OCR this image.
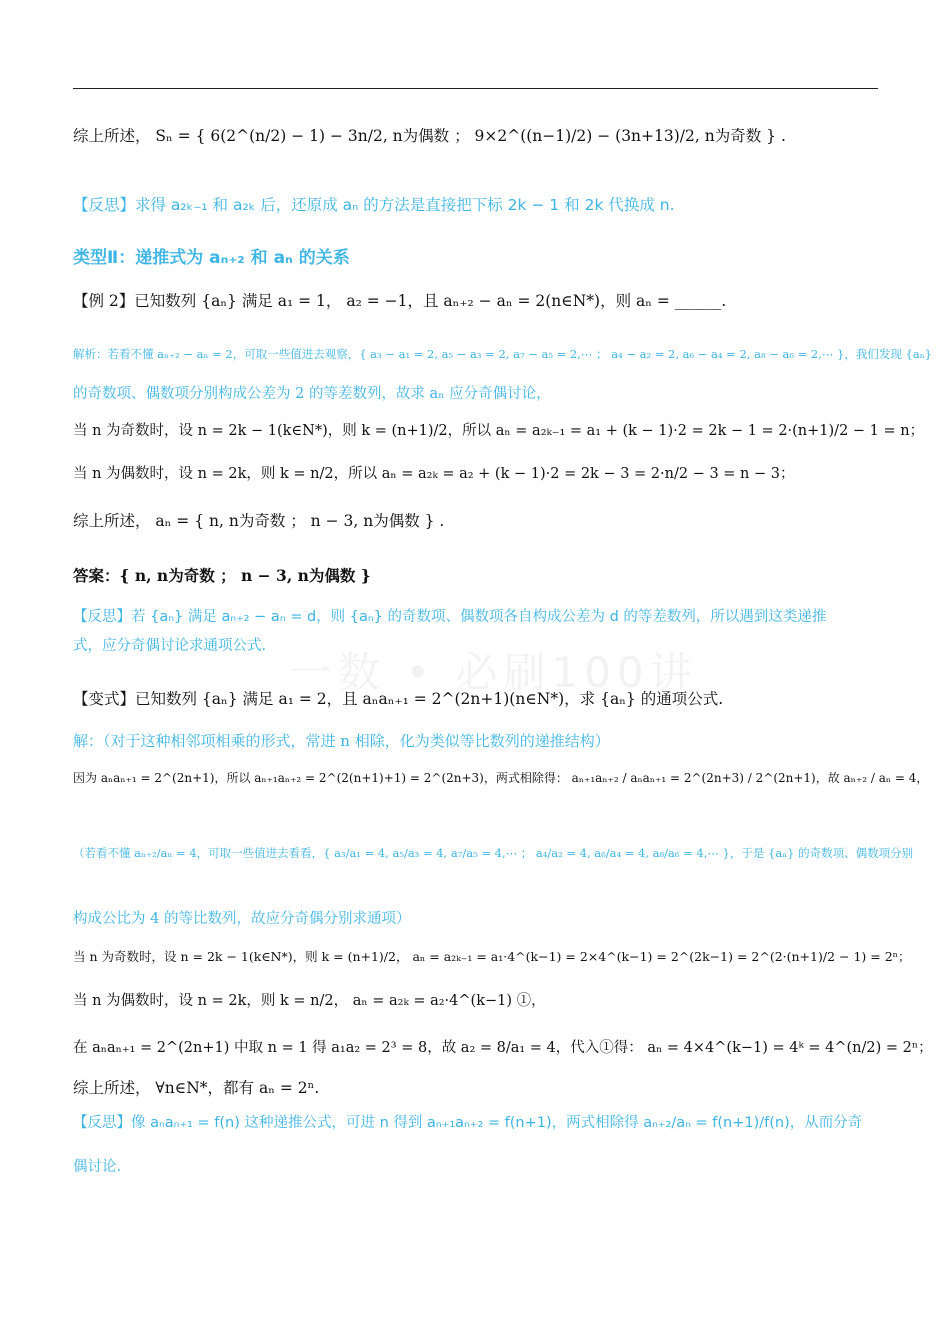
一数 • 必刷100讲
综上所述， Sₙ = { 6(2^(n/2) − 1) − 3n/2, n为偶数 ； 9×2^((n−1)/2) − (3n+13)/2, n为奇数 } .
【反思】求得 a₂ₖ₋₁ 和 a₂ₖ 后，还原成 aₙ 的方法是直接把下标 2k − 1 和 2k 代换成 n.
类型Ⅱ：递推式为 aₙ₊₂ 和 aₙ 的关系
【例 2】已知数列 {aₙ} 满足 a₁ = 1， a₂ = −1，且 aₙ₊₂ − aₙ = 2(n∈N*)，则 aₙ = ______.
解析：若看不懂 aₙ₊₂ − aₙ = 2，可取一些值进去观察，{ a₃ − a₁ = 2, a₅ − a₃ = 2, a₇ − a₅ = 2,⋯ ； a₄ − a₂ = 2, a₆ − a₄ = 2, a₈ − a₆ = 2,⋯ }，我们发现 {aₙ}
的奇数项、偶数项分别构成公差为 2 的等差数列，故求 aₙ 应分奇偶讨论，
当 n 为奇数时，设 n = 2k − 1(k∈N*)，则 k = (n+1)/2，所以 aₙ = a₂ₖ₋₁ = a₁ + (k − 1)·2 = 2k − 1 = 2·(n+1)/2 − 1 = n；
当 n 为偶数时，设 n = 2k，则 k = n/2，所以 aₙ = a₂ₖ = a₂ + (k − 1)·2 = 2k − 3 = 2·n/2 − 3 = n − 3；
综上所述， aₙ = { n, n为奇数 ； n − 3, n为偶数 } .
答案：{ n, n为奇数 ； n − 3, n为偶数 }
【反思】若 {aₙ} 满足 aₙ₊₂ − aₙ = d，则 {aₙ} 的奇数项、偶数项各自构成公差为 d 的等差数列，所以遇到这类递推
式，应分奇偶讨论求通项公式.
【变式】已知数列 {aₙ} 满足 a₁ = 2，且 aₙaₙ₊₁ = 2^(2n+1)(n∈N*)，求 {aₙ} 的通项公式.
解：（对于这种相邻项相乘的形式，常进 n 相除，化为类似等比数列的递推结构）
因为 aₙaₙ₊₁ = 2^(2n+1)，所以 aₙ₊₁aₙ₊₂ = 2^(2(n+1)+1) = 2^(2n+3)，两式相除得： aₙ₊₁aₙ₊₂ / aₙaₙ₊₁ = 2^(2n+3) / 2^(2n+1)，故 aₙ₊₂ / aₙ = 4，
（若看不懂 aₙ₊₂/aₙ = 4，可取一些值进去看看，{ a₃/a₁ = 4, a₅/a₃ = 4, a₇/a₅ = 4,⋯ ； a₄/a₂ = 4, a₆/a₄ = 4, a₈/a₆ = 4,⋯ }，于是 {aₙ} 的奇数项、偶数项分别
构成公比为 4 的等比数列，故应分奇偶分别求通项）
当 n 为奇数时，设 n = 2k − 1(k∈N*)，则 k = (n+1)/2， aₙ = a₂ₖ₋₁ = a₁·4^(k−1) = 2×4^(k−1) = 2^(2k−1) = 2^(2·(n+1)/2 − 1) = 2ⁿ；
当 n 为偶数时，设 n = 2k，则 k = n/2， aₙ = a₂ₖ = a₂·4^(k−1) ①，
在 aₙaₙ₊₁ = 2^(2n+1) 中取 n = 1 得 a₁a₂ = 2³ = 8，故 a₂ = 8/a₁ = 4，代入①得： aₙ = 4×4^(k−1) = 4ᵏ = 4^(n/2) = 2ⁿ；
综上所述， ∀n∈N*，都有 aₙ = 2ⁿ.
【反思】像 aₙaₙ₊₁ = f(n) 这种递推公式，可进 n 得到 aₙ₊₁aₙ₊₂ = f(n+1)，两式相除得 aₙ₊₂/aₙ = f(n+1)/f(n)，从而分奇
偶讨论.
